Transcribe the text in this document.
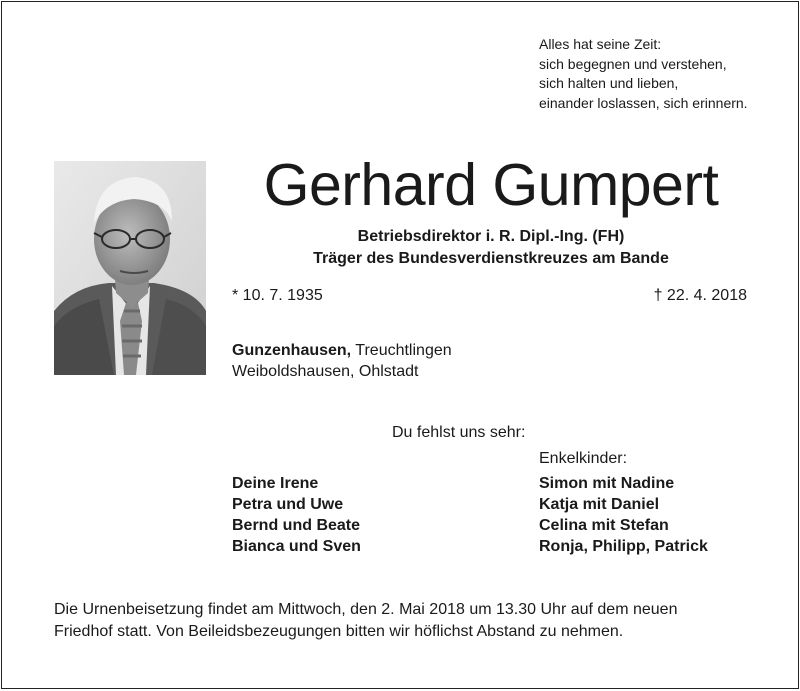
Alles hat seine Zeit:
sich begegnen und verstehen,
sich halten und lieben,
einander loslassen, sich erinnern.
Gerhard Gumpert
Betriebsdirektor i. R. Dipl.-Ing. (FH)
Träger des Bundesverdienstkreuzes am Bande
* 10. 7. 1935	† 22. 4. 2018
Gunzenhausen, Treuchtlingen
Weiboldshausen, Ohlstadt
Du fehlst uns sehr:
Enkelkinder:
Deine Irene
Petra und Uwe
Bernd und Beate
Bianca und Sven
Simon mit Nadine
Katja mit Daniel
Celina mit Stefan
Ronja, Philipp, Patrick
Die Urnenbeisetzung findet am Mittwoch, den 2. Mai 2018 um 13.30 Uhr auf dem neuen
Friedhof statt. Von Beileidsbezeugungen bitten wir höflichst Abstand zu nehmen.
